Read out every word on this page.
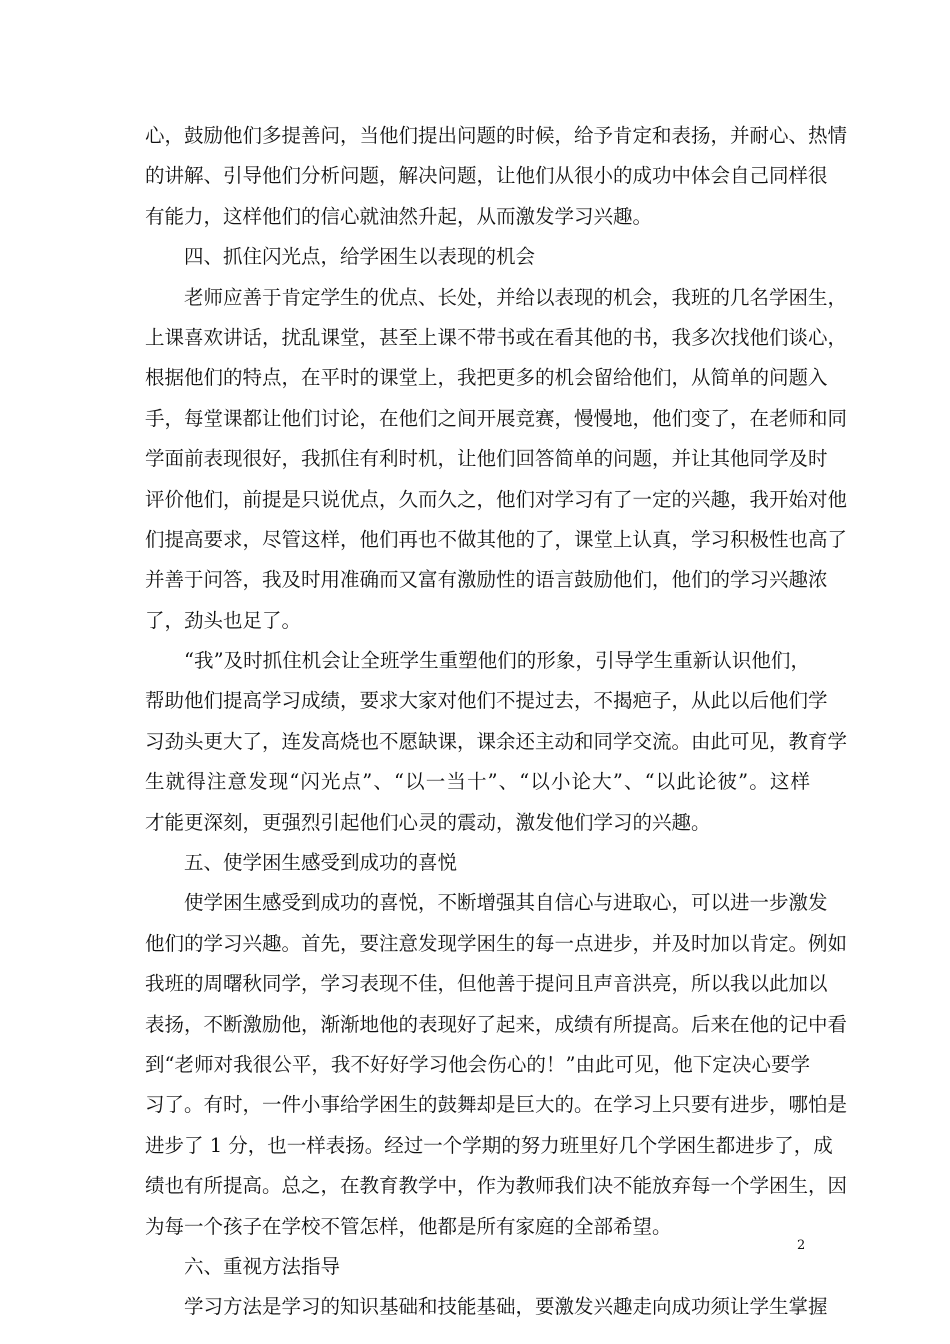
心，鼓励他们多提善问，当他们提出问题的时候，给予肯定和表扬，并耐心、热情
的讲解、引导他们分析问题，解决问题，让他们从很小的成功中体会自己同样很
有能力，这样他们的信心就油然升起，从而激发学习兴趣。
四、抓住闪光点，给学困生以表现的机会
老师应善于肯定学生的优点、长处，并给以表现的机会，我班的几名学困生，
上课喜欢讲话，扰乱课堂，甚至上课不带书或在看其他的书，我多次找他们谈心，
根据他们的特点，在平时的课堂上，我把更多的机会留给他们，从简单的问题入
手，每堂课都让他们讨论，在他们之间开展竞赛，慢慢地，他们变了，在老师和同
学面前表现很好，我抓住有利时机，让他们回答简单的问题，并让其他同学及时
评价他们，前提是只说优点，久而久之，他们对学习有了一定的兴趣，我开始对他
们提高要求，尽管这样，他们再也不做其他的了，课堂上认真，学习积极性也高了
并善于问答，我及时用准确而又富有激励性的语言鼓励他们，他们的学习兴趣浓
了，劲头也足了。
“我”及时抓住机会让全班学生重塑他们的形象，引导学生重新认识他们，
帮助他们提高学习成绩，要求大家对他们不提过去，不揭疤子，从此以后他们学
习劲头更大了，连发高烧也不愿缺课，课余还主动和同学交流。由此可见，教育学
生就得注意发现“闪光点”、“以一当十”、“以小论大”、“以此论彼”。这样
才能更深刻，更强烈引起他们心灵的震动，激发他们学习的兴趣。
五、使学困生感受到成功的喜悦
使学困生感受到成功的喜悦，不断增强其自信心与进取心，可以进一步激发
他们的学习兴趣。首先，要注意发现学困生的每一点进步，并及时加以肯定。例如
我班的周曙秋同学，学习表现不佳，但他善于提问且声音洪亮，所以我以此加以
表扬，不断激励他，渐渐地他的表现好了起来，成绩有所提高。后来在他的记中看
到“老师对我很公平，我不好好学习他会伤心的！”由此可见，他下定决心要学
习了。有时，一件小事给学困生的鼓舞却是巨大的。在学习上只要有进步，哪怕是
进步了 1 分，也一样表扬。经过一个学期的努力班里好几个学困生都进步了，成
绩也有所提高。总之，在教育教学中，作为教师我们决不能放弃每一个学困生，因
为每一个孩子在学校不管怎样，他都是所有家庭的全部希望。
六、重视方法指导
学习方法是学习的知识基础和技能基础，要激发兴趣走向成功须让学生掌握
2
